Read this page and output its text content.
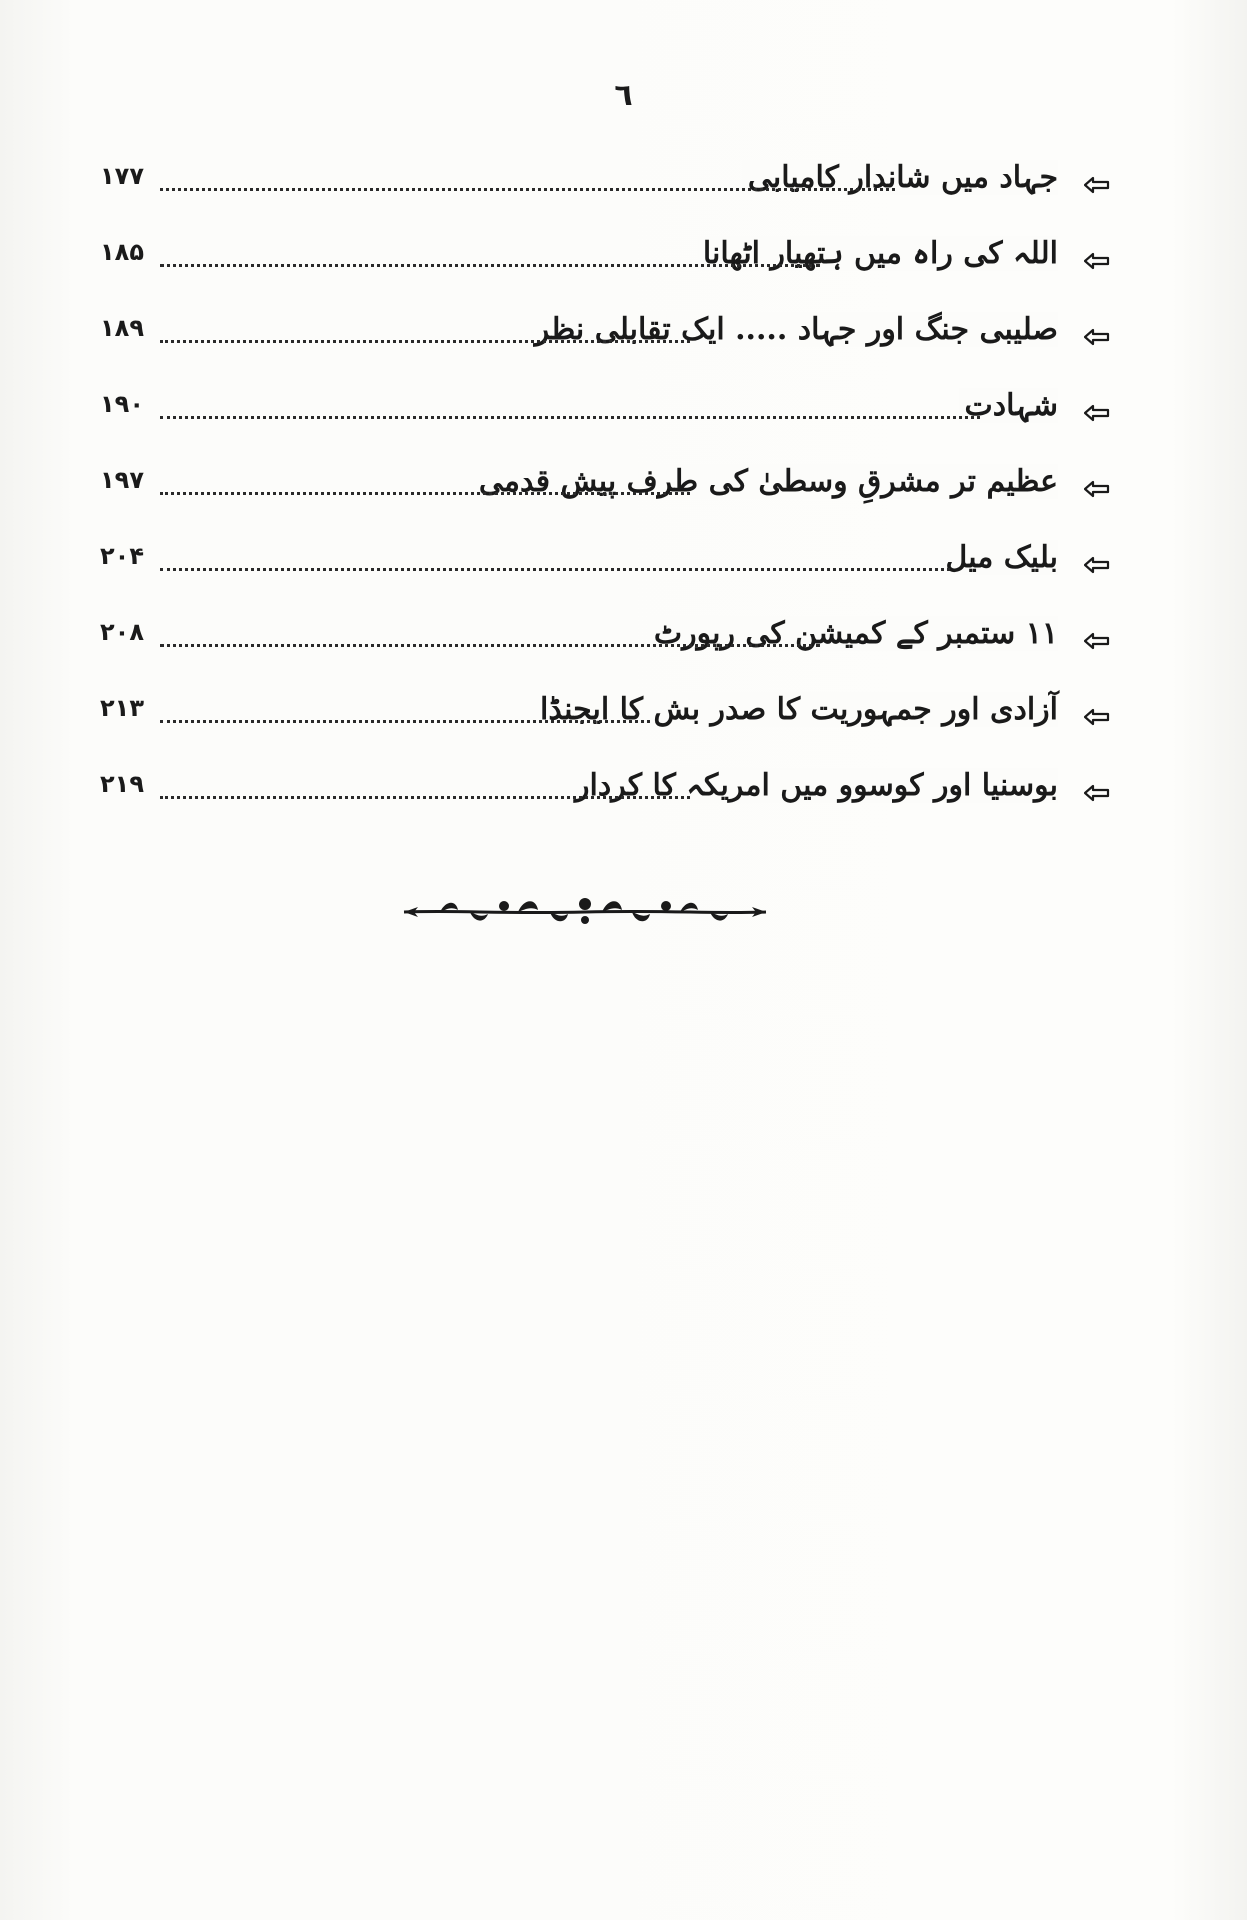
٦
جہاد میں شاندار کامیابی
۱۷۷
اللہ کی راہ میں ہتھیار اٹھانا
۱۸۵
صلیبی جنگ اور جہاد ..... ایک تقابلی نظر
۱۸۹
شہادت
۱۹۰
عظیم تر مشرقِ وسطیٰ کی طرف پیش قدمی
۱۹۷
بلیک میل
۲۰۴
۱۱ ستمبر کے کمیشن کی رپورٹ
۲۰۸
آزادی اور جمہوریت کا صدر بش کا ایجنڈا
۲۱۳
بوسنیا اور کوسوو میں امریکہ کا کردار
۲۱۹
